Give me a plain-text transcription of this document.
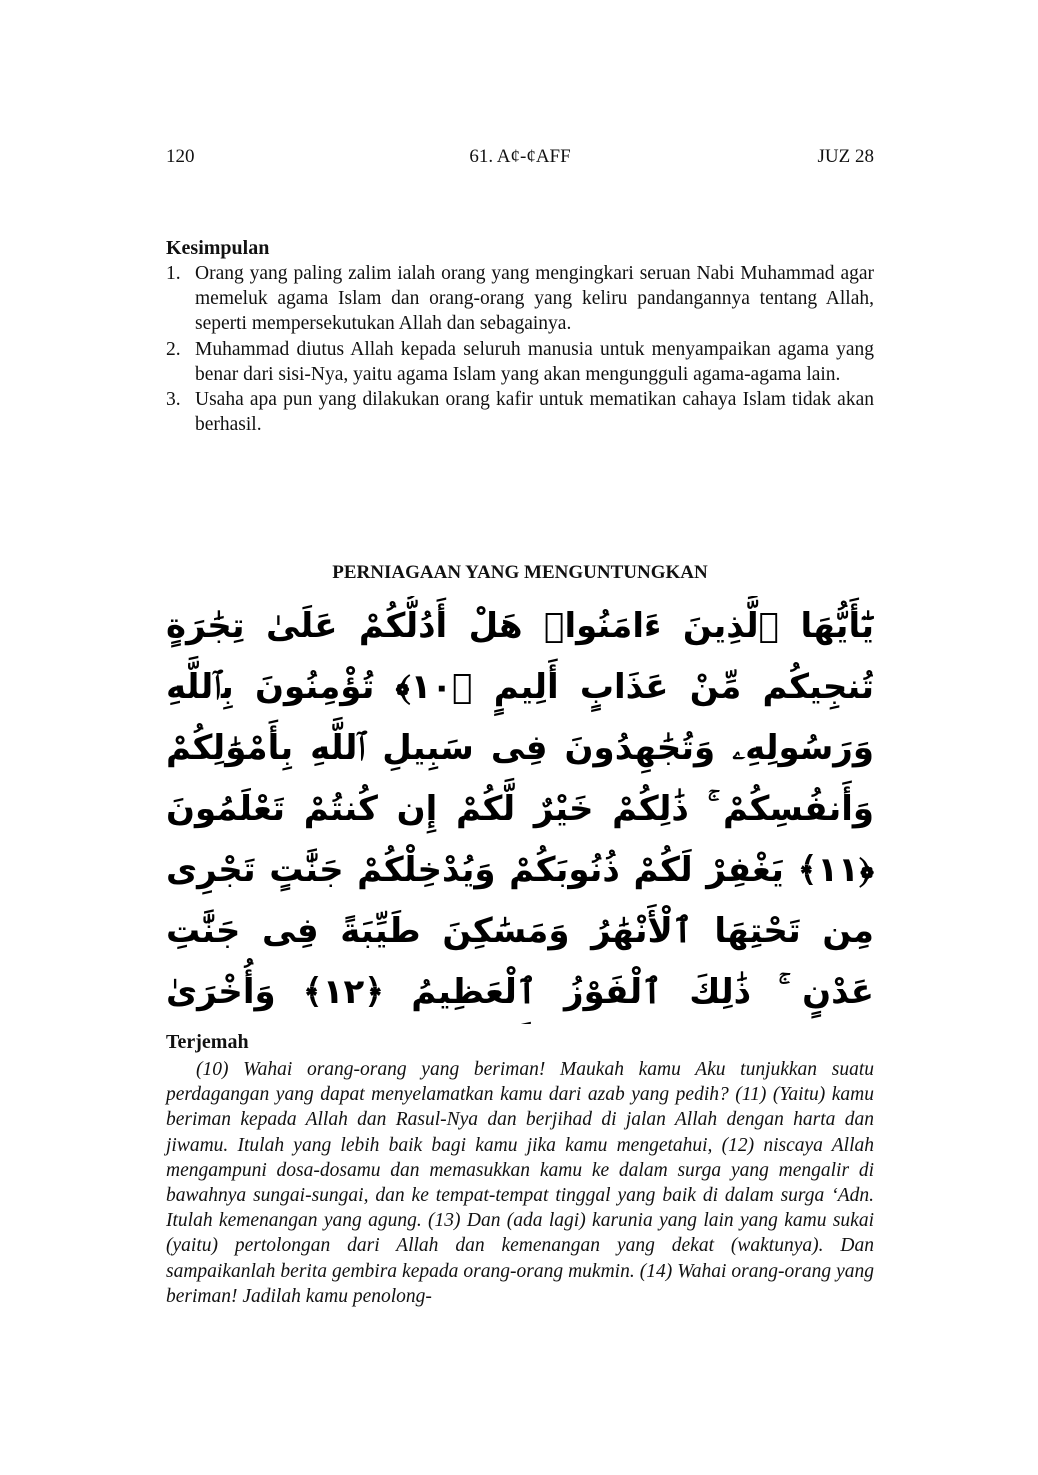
120	61. A¢-¢AFF	JUZ 28
Kesimpulan
1. Orang yang paling zalim ialah orang yang mengingkari seruan Nabi Muhammad agar memeluk agama Islam dan orang-orang yang keliru pandangannya tentang Allah, seperti mempersekutukan Allah dan sebagainya.
2. Muhammad diutus Allah kepada seluruh manusia untuk menyampaikan agama yang benar dari sisi-Nya, yaitu agama Islam yang akan mengungguli agama-agama lain.
3. Usaha apa pun yang dilakukan orang kafir untuk mematikan cahaya Islam tidak akan berhasil.
PERNIAGAAN YANG MENGUNTUNGKAN
يَٰٓأَيُّهَا ٱلَّذِينَ ءَامَنُوا۟ هَلْ أَدُلُّكُمْ عَلَىٰ تِجَٰرَةٍ تُنجِيكُم مِّنْ عَذَابٍ أَلِيمٍ ﴿١٠﴾ تُؤْمِنُونَ بِٱللَّهِ وَرَسُولِهِۦ وَتُجَٰهِدُونَ فِى سَبِيلِ ٱللَّهِ بِأَمْوَٰلِكُمْ وَأَنفُسِكُمْ ۚ ذَٰلِكُمْ خَيْرٌ لَّكُمْ إِن كُنتُمْ تَعْلَمُونَ ﴿١١﴾ يَغْفِرْ لَكُمْ ذُنُوبَكُمْ وَيُدْخِلْكُمْ جَنَّٰتٍ تَجْرِى مِن تَحْتِهَا ٱلْأَنْهَٰرُ وَمَسَٰكِنَ طَيِّبَةً فِى جَنَّٰتِ عَدْنٍ ۚ ذَٰلِكَ ٱلْفَوْزُ ٱلْعَظِيمُ ﴿١٢﴾ وَأُخْرَىٰ
Terjemah

(10) Wahai orang-orang yang beriman! Maukah kamu Aku tunjukkan suatu perdagangan yang dapat menyelamatkan kamu dari azab yang pedih? (11) (Yaitu) kamu beriman kepada Allah dan Rasul-Nya dan berjihad di jalan Allah dengan harta dan jiwamu. Itulah yang lebih baik bagi kamu jika kamu mengetahui, (12) niscaya Allah mengampuni dosa-dosamu dan memasukkan kamu ke dalam surga yang mengalir di bawahnya sungai-sungai, dan ke tempat-tempat tinggal yang baik di dalam surga ‘Adn. Itulah kemenangan yang agung. (13) Dan (ada lagi) karunia yang lain yang kamu sukai (yaitu) pertolongan dari Allah dan kemenangan yang dekat (waktunya). Dan sampaikanlah berita gembira kepada orang-orang mukmin. (14) Wahai orang-orang yang beriman! Jadilah kamu penolong-
